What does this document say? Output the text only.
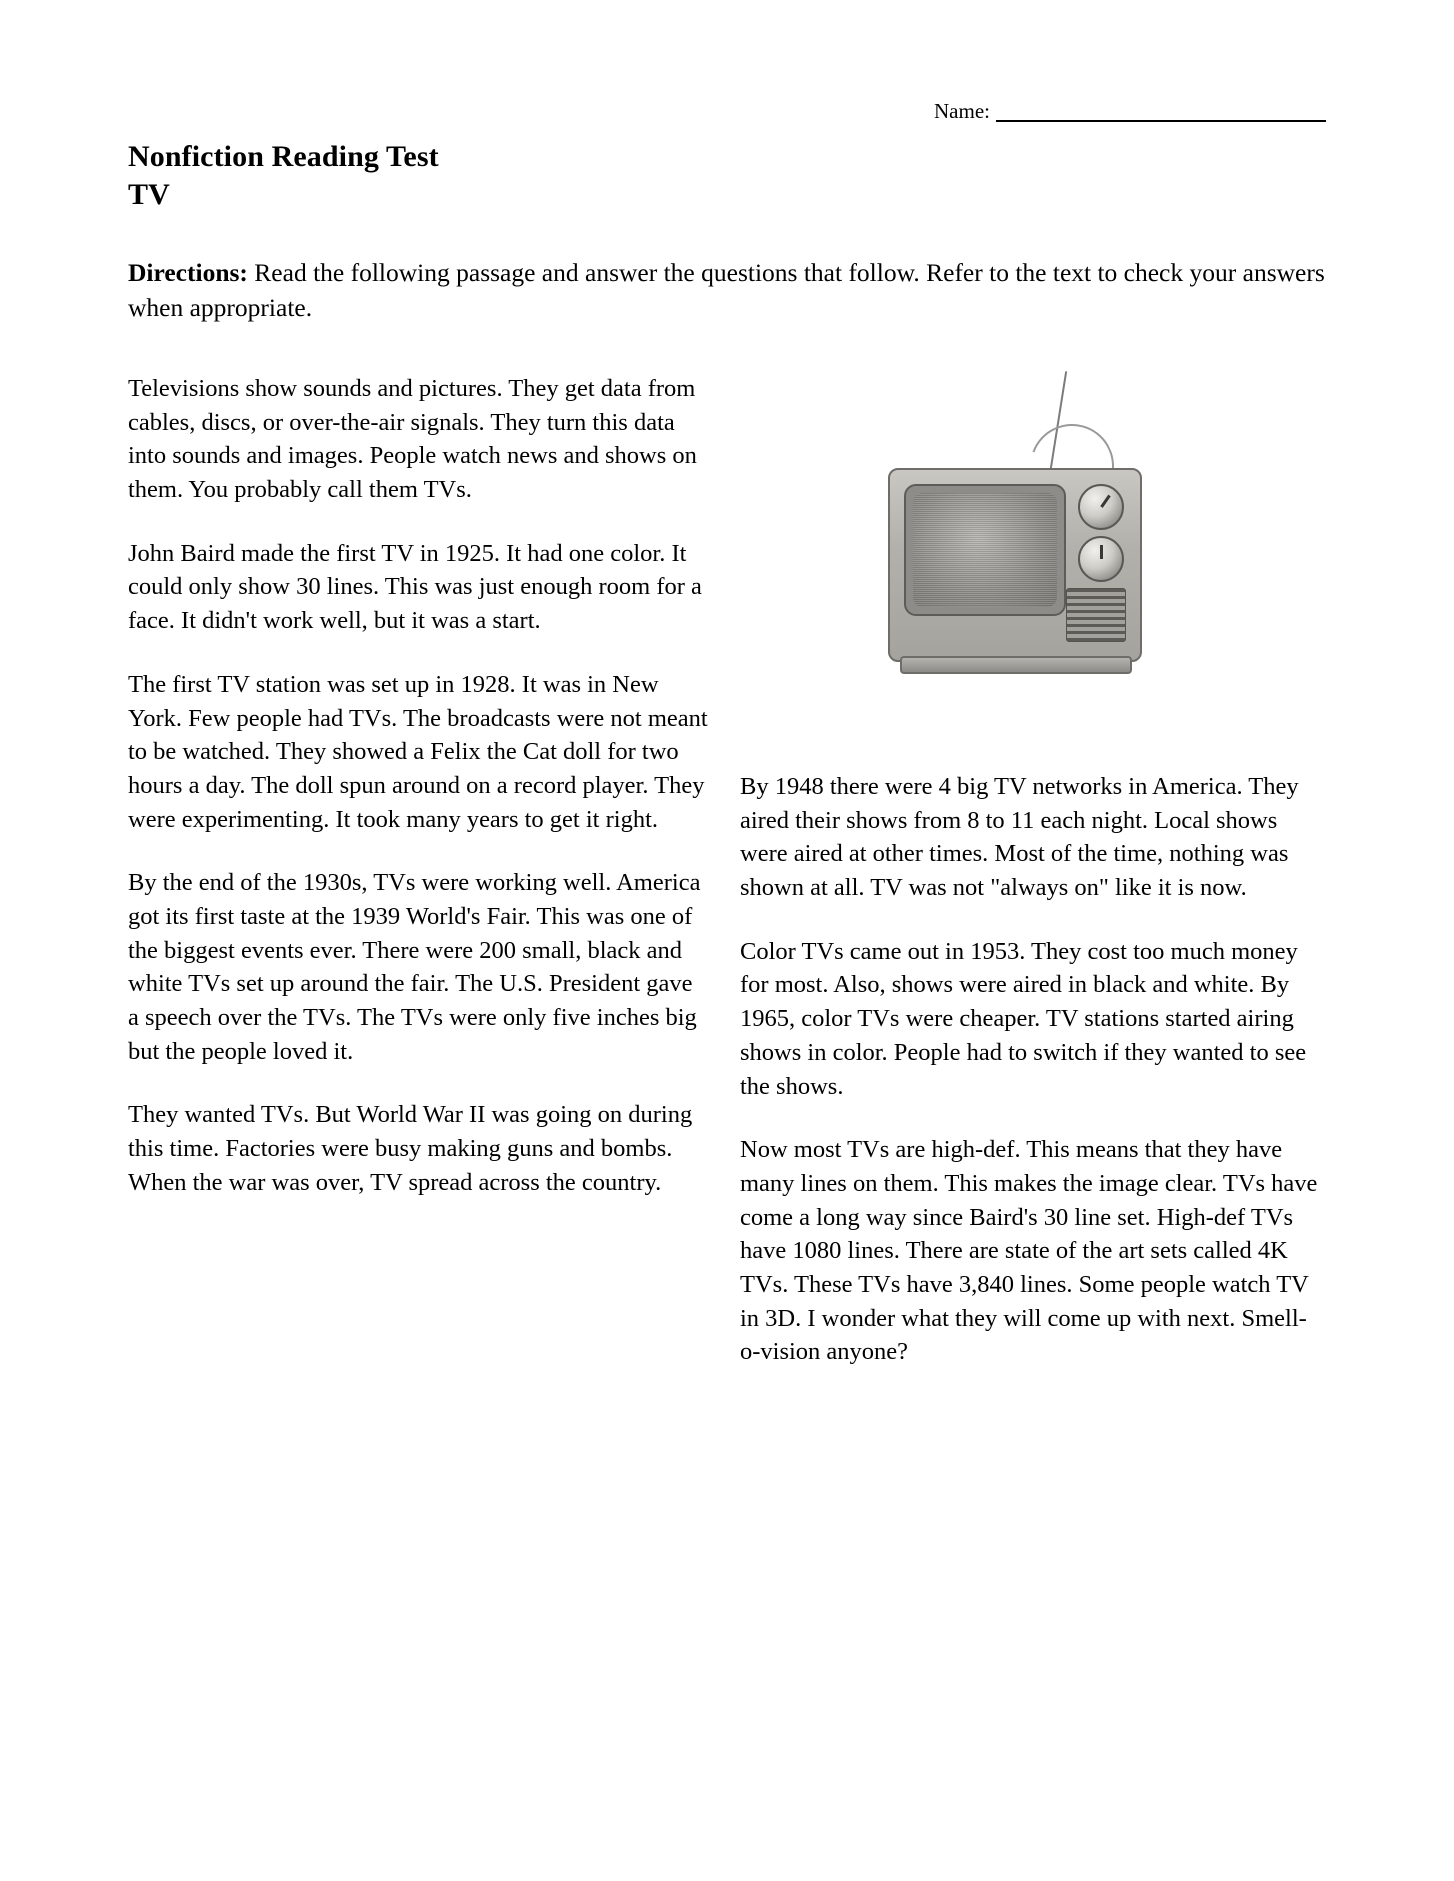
Name:
Nonfiction Reading Test
TV
Directions: Read the following passage and answer the questions that follow. Refer to the text to check your answers when appropriate.

Televisions show sounds and pictures. They get data from cables, discs, or over-the-air signals. They turn this data into sounds and images. People watch news and shows on them. You probably call them TVs.

John Baird made the first TV in 1925. It had one color. It could only show 30 lines. This was just enough room for a face. It didn't work well, but it was a start.

The first TV station was set up in 1928. It was in New York. Few people had TVs. The broadcasts were not meant to be watched. They showed a Felix the Cat doll for two hours a day. The doll spun around on a record player. They were experimenting. It took many years to get it right.

By the end of the 1930s, TVs were working well. America got its first taste at the 1939 World's Fair. This was one of the biggest events ever. There were 200 small, black and white TVs set up around the fair. The U.S. President gave a speech over the TVs. The TVs were only five inches big but the people loved it.

They wanted TVs. But World War II was going on during this time. Factories were busy making guns and bombs. When the war was over, TV spread across the country.

By 1948 there were 4 big TV networks in America. They aired their shows from 8 to 11 each night. Local shows were aired at other times. Most of the time, nothing was shown at all. TV was not "always on" like it is now.

Color TVs came out in 1953. They cost too much money for most. Also, shows were aired in black and white. By 1965, color TVs were cheaper. TV stations started airing shows in color. People had to switch if they wanted to see the shows.

Now most TVs are high-def. This means that they have many lines on them. This makes the image clear. TVs have come a long way since Baird's 30 line set. High-def TVs have 1080 lines. There are state of the art sets called 4K TVs. These TVs have 3,840 lines. Some people watch TV in 3D. I wonder what they will come up with next. Smell-o-vision anyone?
